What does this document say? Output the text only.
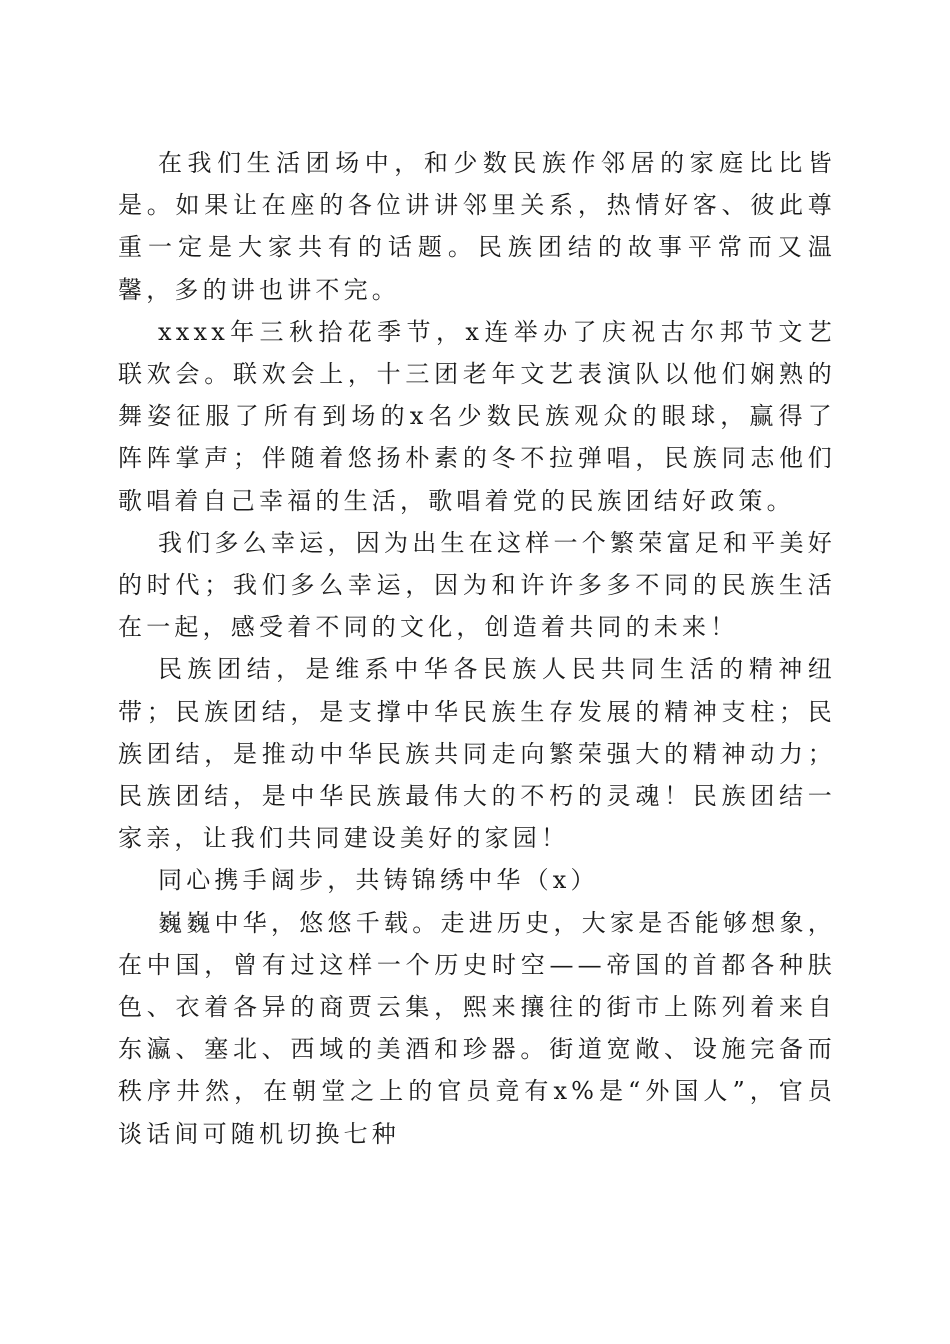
在我们生活团场中，和少数民族作邻居的家庭比比皆是。如果让在座的各位讲讲邻里关系，热情好客、彼此尊重一定是大家共有的话题。民族团结的故事平常而又温馨，多的讲也讲不完。

xxxx年三秋拾花季节，x连举办了庆祝古尔邦节文艺联欢会。联欢会上，十三团老年文艺表演队以他们娴熟的舞姿征服了所有到场的x名少数民族观众的眼球，赢得了阵阵掌声；伴随着悠扬朴素的冬不拉弹唱，民族同志他们歌唱着自己幸福的生活，歌唱着党的民族团结好政策。

我们多么幸运，因为出生在这样一个繁荣富足和平美好的时代；我们多么幸运，因为和许许多多不同的民族生活在一起，感受着不同的文化，创造着共同的未来！

民族团结，是维系中华各民族人民共同生活的精神纽带；民族团结，是支撑中华民族生存发展的精神支柱；民族团结，是推动中华民族共同走向繁荣强大的精神动力；民族团结，是中华民族最伟大的不朽的灵魂！民族团结一家亲，让我们共同建设美好的家园！

同心携手阔步，共铸锦绣中华（x）

巍巍中华，悠悠千载。走进历史，大家是否能够想象，在中国，曾有过这样一个历史时空——帝国的首都各种肤色、衣着各异的商贾云集，熙来攘往的街市上陈列着来自东瀛、塞北、西域的美酒和珍器。街道宽敞、设施完备而秩序井然，在朝堂之上的官员竟有x%是“外国人”，官员谈话间可随机切换七种
